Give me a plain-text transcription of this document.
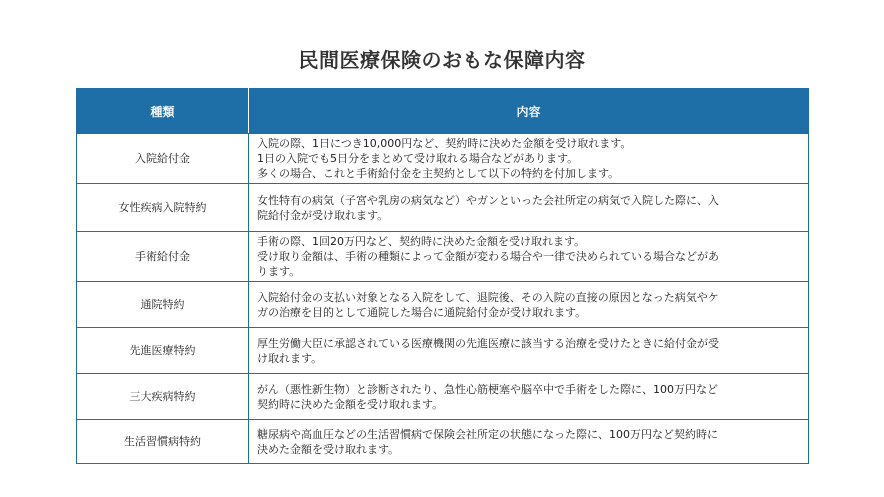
民間医療保険のおもな保障内容
種類	内容
入院給付金	入院の際、1日につき10,000円など、契約時に決めた金額を受け取れます。
1日の入院でも5日分をまとめて受け取れる場合などがあります。
多くの場合、これと手術給付金を主契約として以下の特約を付加します。

女性疾病入院特約	女性特有の病気（子宮や乳房の病気など）やガンといった会社所定の病気で入院した際に、入
院給付金が受け取れます。

手術給付金	手術の際、1回20万円など、契約時に決めた金額を受け取れます。
受け取り金額は、手術の種類によって金額が変わる場合や一律で決められている場合などがあ
ります。

通院特約	入院給付金の支払い対象となる入院をして、退院後、その入院の直接の原因となった病気やケ
ガの治療を目的として通院した場合に通院給付金が受け取れます。

先進医療特約	厚生労働大臣に承認されている医療機関の先進医療に該当する治療を受けたときに給付金が受
け取れます。

三大疾病特約	がん（悪性新生物）と診断されたり、急性心筋梗塞や脳卒中で手術をした際に、100万円など
契約時に決めた金額を受け取れます。

生活習慣病特約	糖尿病や高血圧などの生活習慣病で保険会社所定の状態になった際に、100万円など契約時に
決めた金額を受け取れます。
